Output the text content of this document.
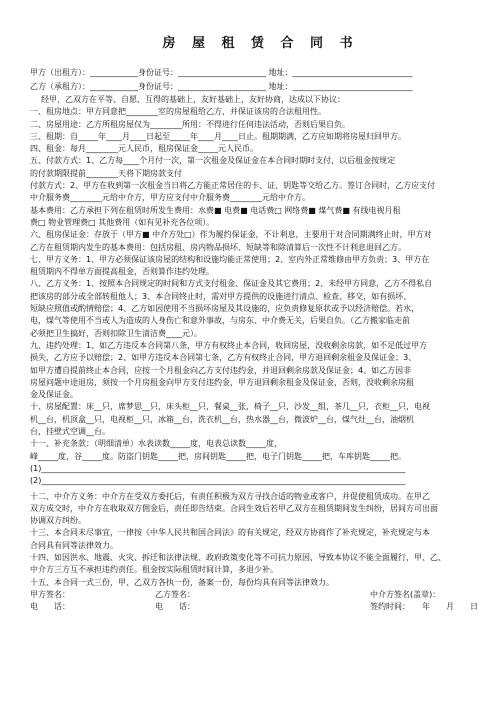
房 屋 租 赁 合 同 书
甲方（出租方）：____________身份证号：______________________ 地址：______________________________
乙方（承租方）：____________身份证号：______________________ 地址：______________________________
经甲、乙双方在平等、自愿、互得的基础上，友好基础上，友好协商，达成以下协议：
一、租房地点：甲方同意把________室的房屋租给乙方，并保证该房的合法租用性。
二、房屋用途：乙方所租房屋仅为________所用：不得进行任何违法活动，否则后果自负。
三、租期：自_____年____月____日起至_____年____月____日止。租期期满，乙方应如期将房屋归回甲方。
四、租金：每月________元人民币，租房保证金_____元人民币。
五、付款方式：1、乙方每____个月付一次，第一次租金及保证金在本合同时期时支付，以后租金按规定
的付款期限提前________天将下期房款支付
付款方式：2、甲方在收到第一次租金当日将乙方能正常居住的卡、证、钥匙等交给乙方。签订合同时，乙方应支付
中介服务费________元给中介方，甲方应支付中介服务费________元给中介方。
基本费用：乙方承担下列在租赁时所发生费用：水费■ 电费■ 电话费□ 网络费■ 煤气费■ 有线电视月租
费□ 物业管理费□ 其他费用（如有见补充各位项）。
六、租房保证金：存放于（甲方■ 中介方处□）作为履约保证金，不计利息，主要用于对合同期满终止时，甲方对
乙方在租赁期内发生的基本费用：包括房租、房内物品损坏、短缺等和除清算后一次性不计利息退回乙方。
七、甲方义务：1、甲方必须保证该房屋的结构和设施均能正常使用；2、室内外正常维修由甲方负责；3、甲方在
租赁期内不得单方面提高租金，否则算作违约处理。
八、乙方义务：1、按照本合同规定的时间和方式支付租金、保证金及其它费用；2、未经甲方同意，乙方不得私自
把该房的部分或全部转租他人；3、本合同终止时，需对甲方提供的设施进行清点、检查、移交，如有损坏、
短缺应照值或酌情赔偿；4、乙方如因使用不当损坏房屋及其设施的，应负责修复原状或予以经济赔偿。若水，
电，煤气等使用不当或人为造成的人身伤亡和意外事故，与房东、中介费无关，后果自负。（乙方搬家临走前
必须把卫生搞好，否则扣除卫生清洁费____元）。
九、违约处理：1、如乙方违反本合同第八条，甲方有权终止本合同，收回房屋，没收剩余房款，如不足低过甲方
损失，乙方应予以赔偿；2、如甲方违反本合同第七条，乙方有权终止合同，甲方退回剩余租金及保证金；3、
如甲方遭自提前终止本合同，应按一个月租金向乙方支付违约金，并退回剩余房款及保证金；4、如乙方因非
房屋问题中途退房，须按一个月房租金向甲方支付违约金，甲方退回剩余租金及保证金，否则，没收剩余房租
金及保证金。
十、房屋配置：床__只，席梦思__只，床头柜__只，餐桌__张，椅子__只，沙发__组，茶几__只，衣柜__只，电视
机__台，机顶盒__只，电视柜__只，冰箱__台，洗衣机__台，热水器__台，微波炉__台，煤气灶__台，油烟机
台，挂壁式空调__台。
十一、补充条款：（明细清单）水表读数_____度，电表总读数_____度，
峰_____度，谷_____度。防盗门钥匙_____把，房间钥匙_____把，电子门钥匙_____把，车库钥匙_____把。
(1)___________________________________________________________________________________________
(2)___________________________________________________________________________________________
十二、中介方义务：中介方在受双方委托后，有责任积极为双方寻找合适的物业或客户，并促使租赁成功。在甲乙
双方成交时，中介方在收取双方佣金后，责任即告结束。合同生效后若甲乙双方在租赁期间发生纠纷，居间方可出面
协调双方纠纷。
十三、本合同未尽事宜，一律按《中华人民共和国合同法》的有关规定，经双方协商作了补充规定，补充规定与本
合同具有同等法律效力。
十四、如因洪水、地震、火灾、拆迁和法律法规、政府政策变化等不可抗力原因，导致本协议不能全面履行，甲、乙、
中介方三方互不承担违约责任。租金按实际租赁时间计算，多退少补。
十五、本合同一式三份，甲、乙双方各执一份，备案一份，每份均具有同等法律效力。
甲方签名：	乙方签名：	中介方签名(盖章)：
电　　话：	电　　话：	签约时间：　　年　　月　　日
